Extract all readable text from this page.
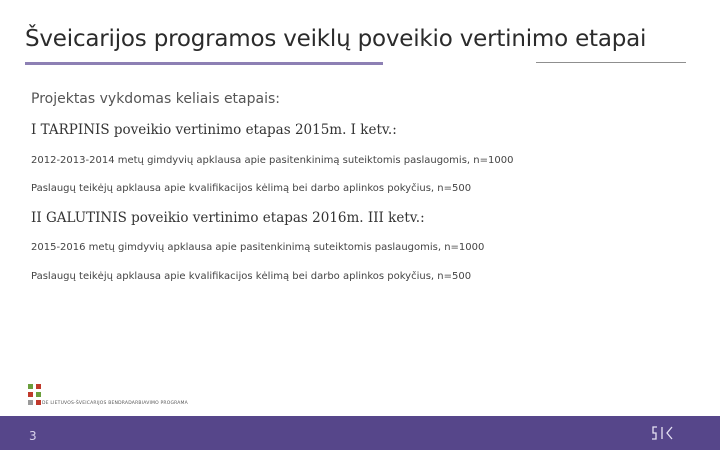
Šveicarijos programos veiklų poveikio vertinimo etapai
Projektas vykdomas keliais etapais:
I TARPINIS poveikio vertinimo etapas 2015m. I ketv.:
2012-2013-2014 metų gimdyvių apklausa apie pasitenkinimą suteiktomis paslaugomis, n=1000
Paslaugų teikėjų apklausa apie kvalifikacijos kėlimą bei darbo aplinkos pokyčius, n=500
II GALUTINIS poveikio vertinimo etapas 2016m. III ketv.:
2015-2016 metų gimdyvių apklausa apie pasitenkinimą suteiktomis paslaugomis, n=1000
Paslaugų teikėjų apklausa apie kvalifikacijos kėlimą bei darbo aplinkos pokyčius, n=500
DE LIETUVOS-ŠVEICARIJOS BENDRADARBIAVIMO PROGRAMA
3
